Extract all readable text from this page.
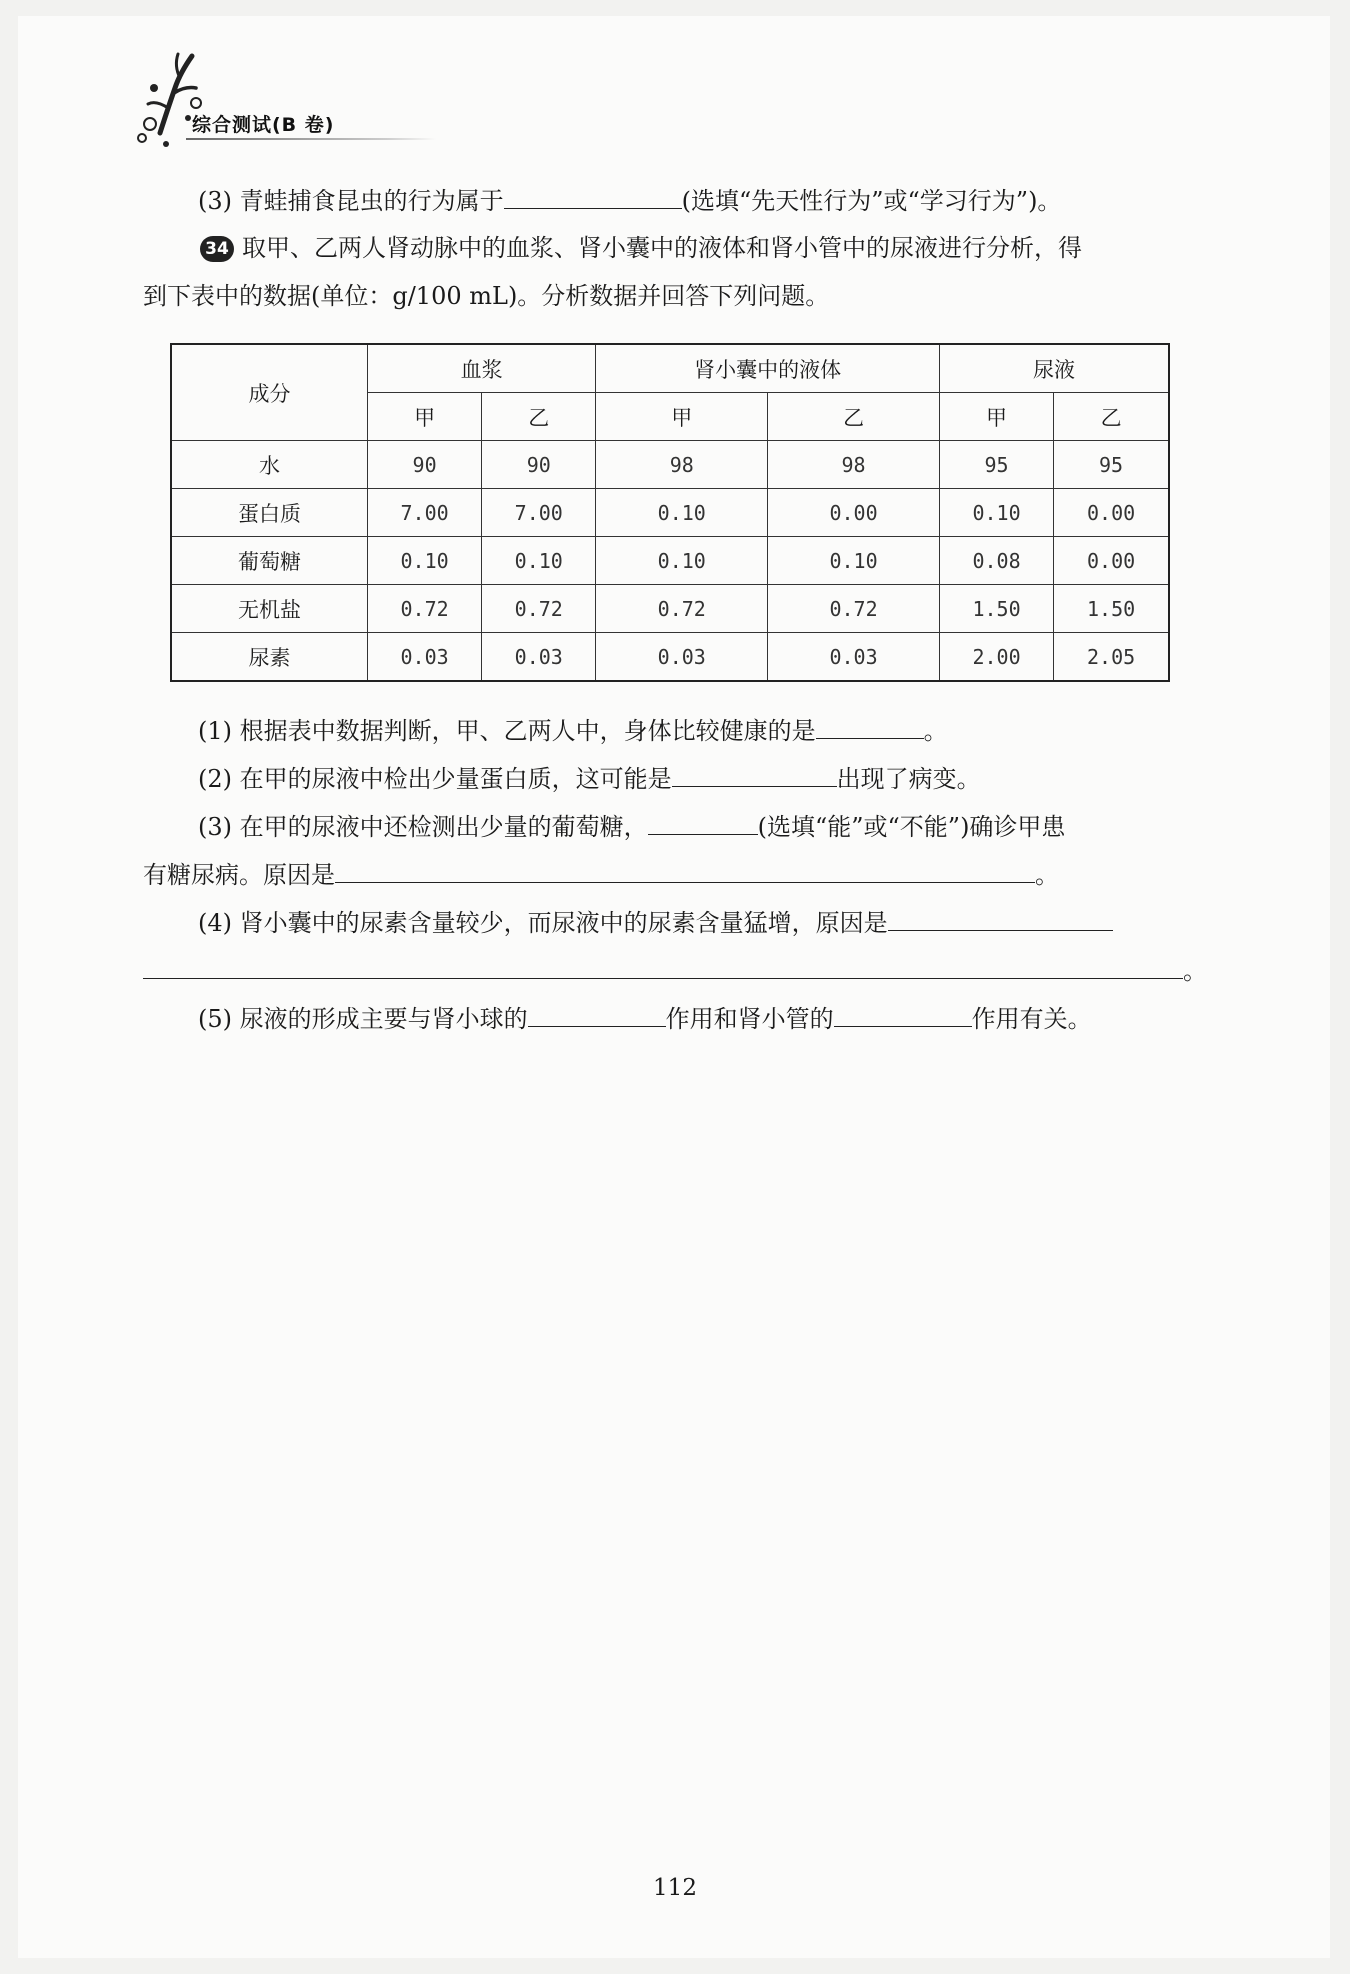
综合测试(B 卷)
(3) 青蛙捕食昆虫的行为属于	(选填“先天性行为”或“学习行为”)。
34 取甲、乙两人肾动脉中的血浆、肾小囊中的液体和肾小管中的尿液进行分析，得
到下表中的数据(单位：g/100 mL)。分析数据并回答下列问题。
成分	血浆		肾小囊中的液体		尿液	
	甲	乙	甲	乙	甲	乙
水	90	90	98	98	95	95
蛋白质	7.00	7.00	0.10	0.00	0.10	0.00
葡萄糖	0.10	0.10	0.10	0.10	0.08	0.00
无机盐	0.72	0.72	0.72	0.72	1.50	1.50
尿素	0.03	0.03	0.03	0.03	2.00	2.05
(1) 根据表中数据判断，甲、乙两人中，身体比较健康的是	。
(2) 在甲的尿液中检出少量蛋白质，这可能是	出现了病变。
(3) 在甲的尿液中还检测出少量的葡萄糖，	(选填“能”或“不能”)确诊甲患
有糖尿病。原因是	。
(4) 肾小囊中的尿素含量较少，而尿液中的尿素含量猛增，原因是
。
(5) 尿液的形成主要与肾小球的	作用和肾小管的	作用有关。
112
